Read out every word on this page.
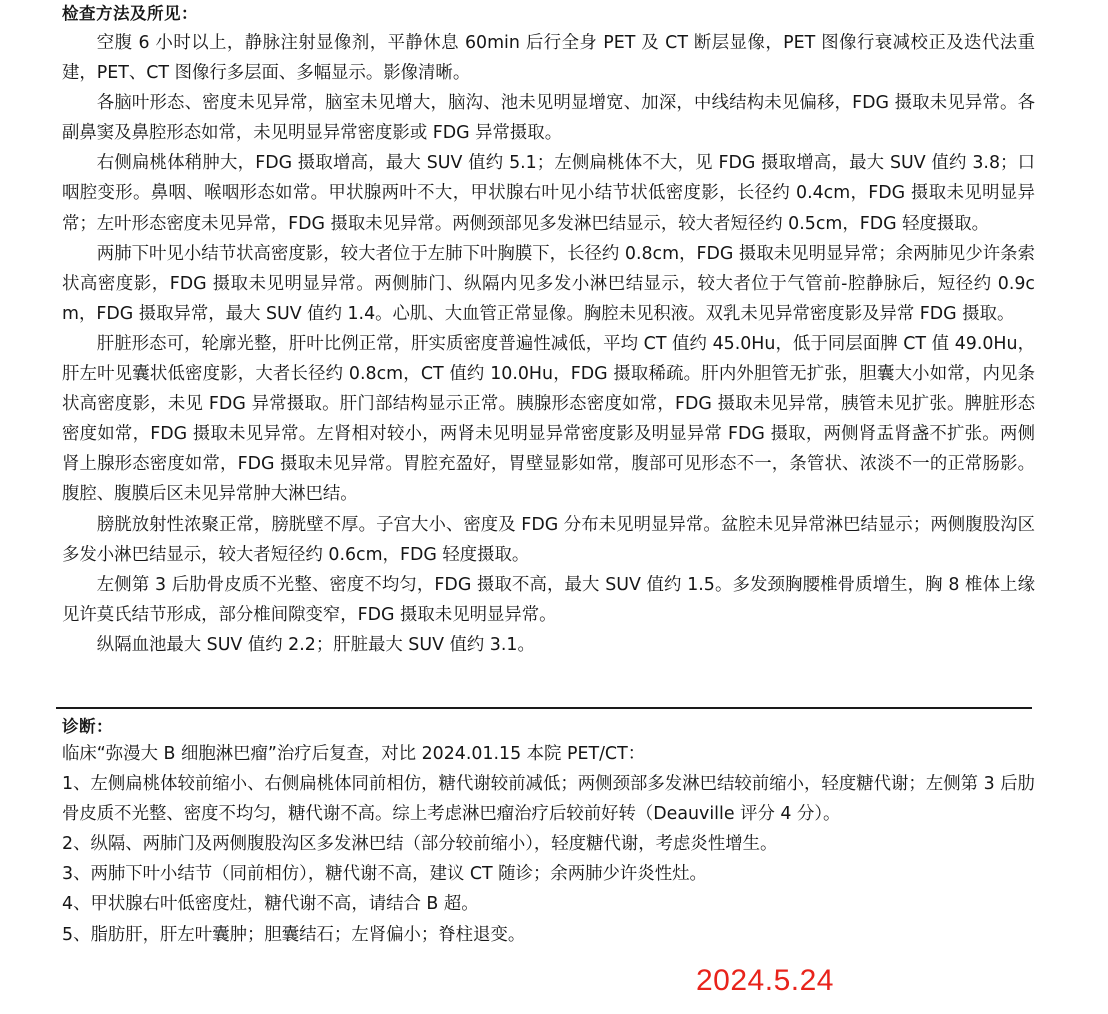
检查方法及所见：

空腹 6 小时以上，静脉注射显像剂，平静休息 60min 后行全身 PET 及 CT 断层显像，PET 图像行衰减校正及迭代法重建，PET、CT 图像行多层面、多幅显示。影像清晰。

各脑叶形态、密度未见异常，脑室未见增大，脑沟、池未见明显增宽、加深，中线结构未见偏移，FDG 摄取未见异常。各副鼻窦及鼻腔形态如常，未见明显异常密度影或 FDG 异常摄取。

右侧扁桃体稍肿大，FDG 摄取增高，最大 SUV 值约 5.1；左侧扁桃体不大，见 FDG 摄取增高，最大 SUV 值约 3.8；口咽腔变形。鼻咽、喉咽形态如常。甲状腺两叶不大，甲状腺右叶见小结节状低密度影，长径约 0.4cm，FDG 摄取未见明显异常；左叶形态密度未见异常，FDG 摄取未见异常。两侧颈部见多发淋巴结显示，较大者短径约 0.5cm，FDG 轻度摄取。

两肺下叶见小结节状高密度影，较大者位于左肺下叶胸膜下，长径约 0.8cm，FDG 摄取未见明显异常；余两肺见少许条索状高密度影，FDG 摄取未见明显异常。两侧肺门、纵隔内见多发小淋巴结显示，较大者位于气管前-腔静脉后，短径约 0.9cm，FDG 摄取异常，最大 SUV 值约 1.4。心肌、大血管正常显像。胸腔未见积液。双乳未见异常密度影及异常 FDG 摄取。

肝脏形态可，轮廓光整，肝叶比例正常，肝实质密度普遍性减低，平均 CT 值约 45.0Hu，低于同层面脾 CT 值 49.0Hu，肝左叶见囊状低密度影，大者长径约 0.8cm，CT 值约 10.0Hu，FDG 摄取稀疏。肝内外胆管无扩张，胆囊大小如常，内见条状高密度影，未见 FDG 异常摄取。肝门部结构显示正常。胰腺形态密度如常，FDG 摄取未见异常，胰管未见扩张。脾脏形态密度如常，FDG 摄取未见异常。左肾相对较小，两肾未见明显异常密度影及明显异常 FDG 摄取，两侧肾盂肾盏不扩张。两侧肾上腺形态密度如常，FDG 摄取未见异常。胃腔充盈好，胃壁显影如常，腹部可见形态不一，条管状、浓淡不一的正常肠影。腹腔、腹膜后区未见异常肿大淋巴结。

膀胱放射性浓聚正常，膀胱壁不厚。子宫大小、密度及 FDG 分布未见明显异常。盆腔未见异常淋巴结显示；两侧腹股沟区多发小淋巴结显示，较大者短径约 0.6cm，FDG 轻度摄取。

左侧第 3 后肋骨皮质不光整、密度不均匀，FDG 摄取不高，最大 SUV 值约 1.5。多发颈胸腰椎骨质增生，胸 8 椎体上缘见许莫氏结节形成，部分椎间隙变窄，FDG 摄取未见明显异常。

纵隔血池最大 SUV 值约 2.2；肝脏最大 SUV 值约 3.1。

诊断：

临床“弥漫大 B 细胞淋巴瘤”治疗后复查，对比 2024.01.15 本院 PET/CT：

1、左侧扁桃体较前缩小、右侧扁桃体同前相仿，糖代谢较前减低；两侧颈部多发淋巴结较前缩小，轻度糖代谢；左侧第 3 后肋骨皮质不光整、密度不均匀，糖代谢不高。综上考虑淋巴瘤治疗后较前好转（Deauville 评分 4 分）。

2、纵隔、两肺门及两侧腹股沟区多发淋巴结（部分较前缩小），轻度糖代谢，考虑炎性增生。

3、两肺下叶小结节（同前相仿），糖代谢不高，建议 CT 随诊；余两肺少许炎性灶。

4、甲状腺右叶低密度灶，糖代谢不高，请结合 B 超。

5、脂肪肝，肝左叶囊肿；胆囊结石；左肾偏小；脊柱退变。

2024.5.24
